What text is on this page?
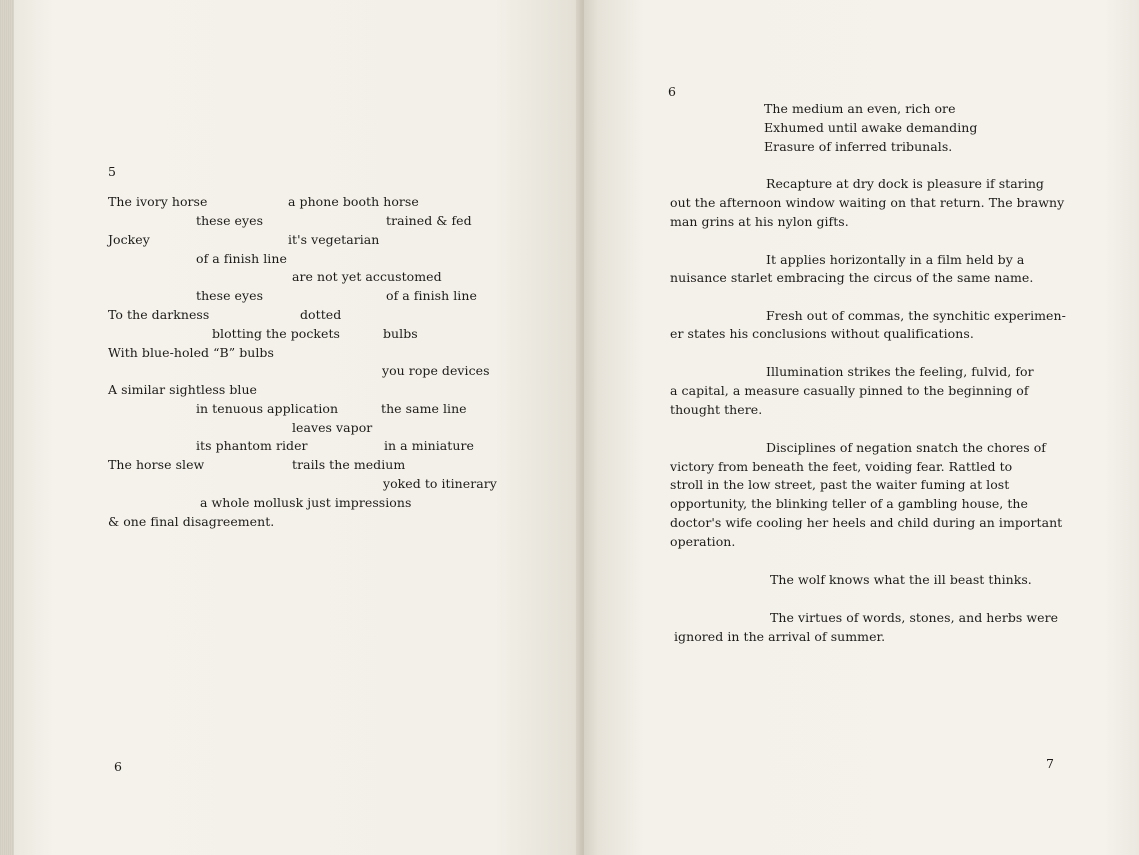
5
The ivory horse	a phone booth horse
these eyes	trained & fed
Jockey	it's vegetarian
of a finish line
are not yet accustomed
these eyes	of a finish line
To the darkness	dotted
blotting the pockets	bulbs
With blue-holed “B” bulbs
you rope devices
A similar sightless blue
in tenuous application	the same line
leaves vapor
its phantom rider	in a miniature
The horse slew	trails the medium
yoked to itinerary
a whole mollusk just impressions
& one final disagreement.
6
6
The medium an even, rich ore
Exhumed until awake demanding
Erasure of inferred tribunals.
Recapture at dry dock is pleasure if staring
out the afternoon window waiting on that return. The brawny
man grins at his nylon gifts.
It applies horizontally in a film held by a
nuisance starlet embracing the circus of the same name.
Fresh out of commas, the synchitic experimen-
er states his conclusions without qualifications.
Illumination strikes the feeling, fulvid, for
a capital, a measure casually pinned to the beginning of
thought there.
Disciplines of negation snatch the chores of
victory from beneath the feet, voiding fear. Rattled to
stroll in the low street, past the waiter fuming at lost
opportunity, the blinking teller of a gambling house, the
doctor's wife cooling her heels and child during an important
operation.
The wolf knows what the ill beast thinks.
The virtues of words, stones, and herbs were
ignored in the arrival of summer.
7
